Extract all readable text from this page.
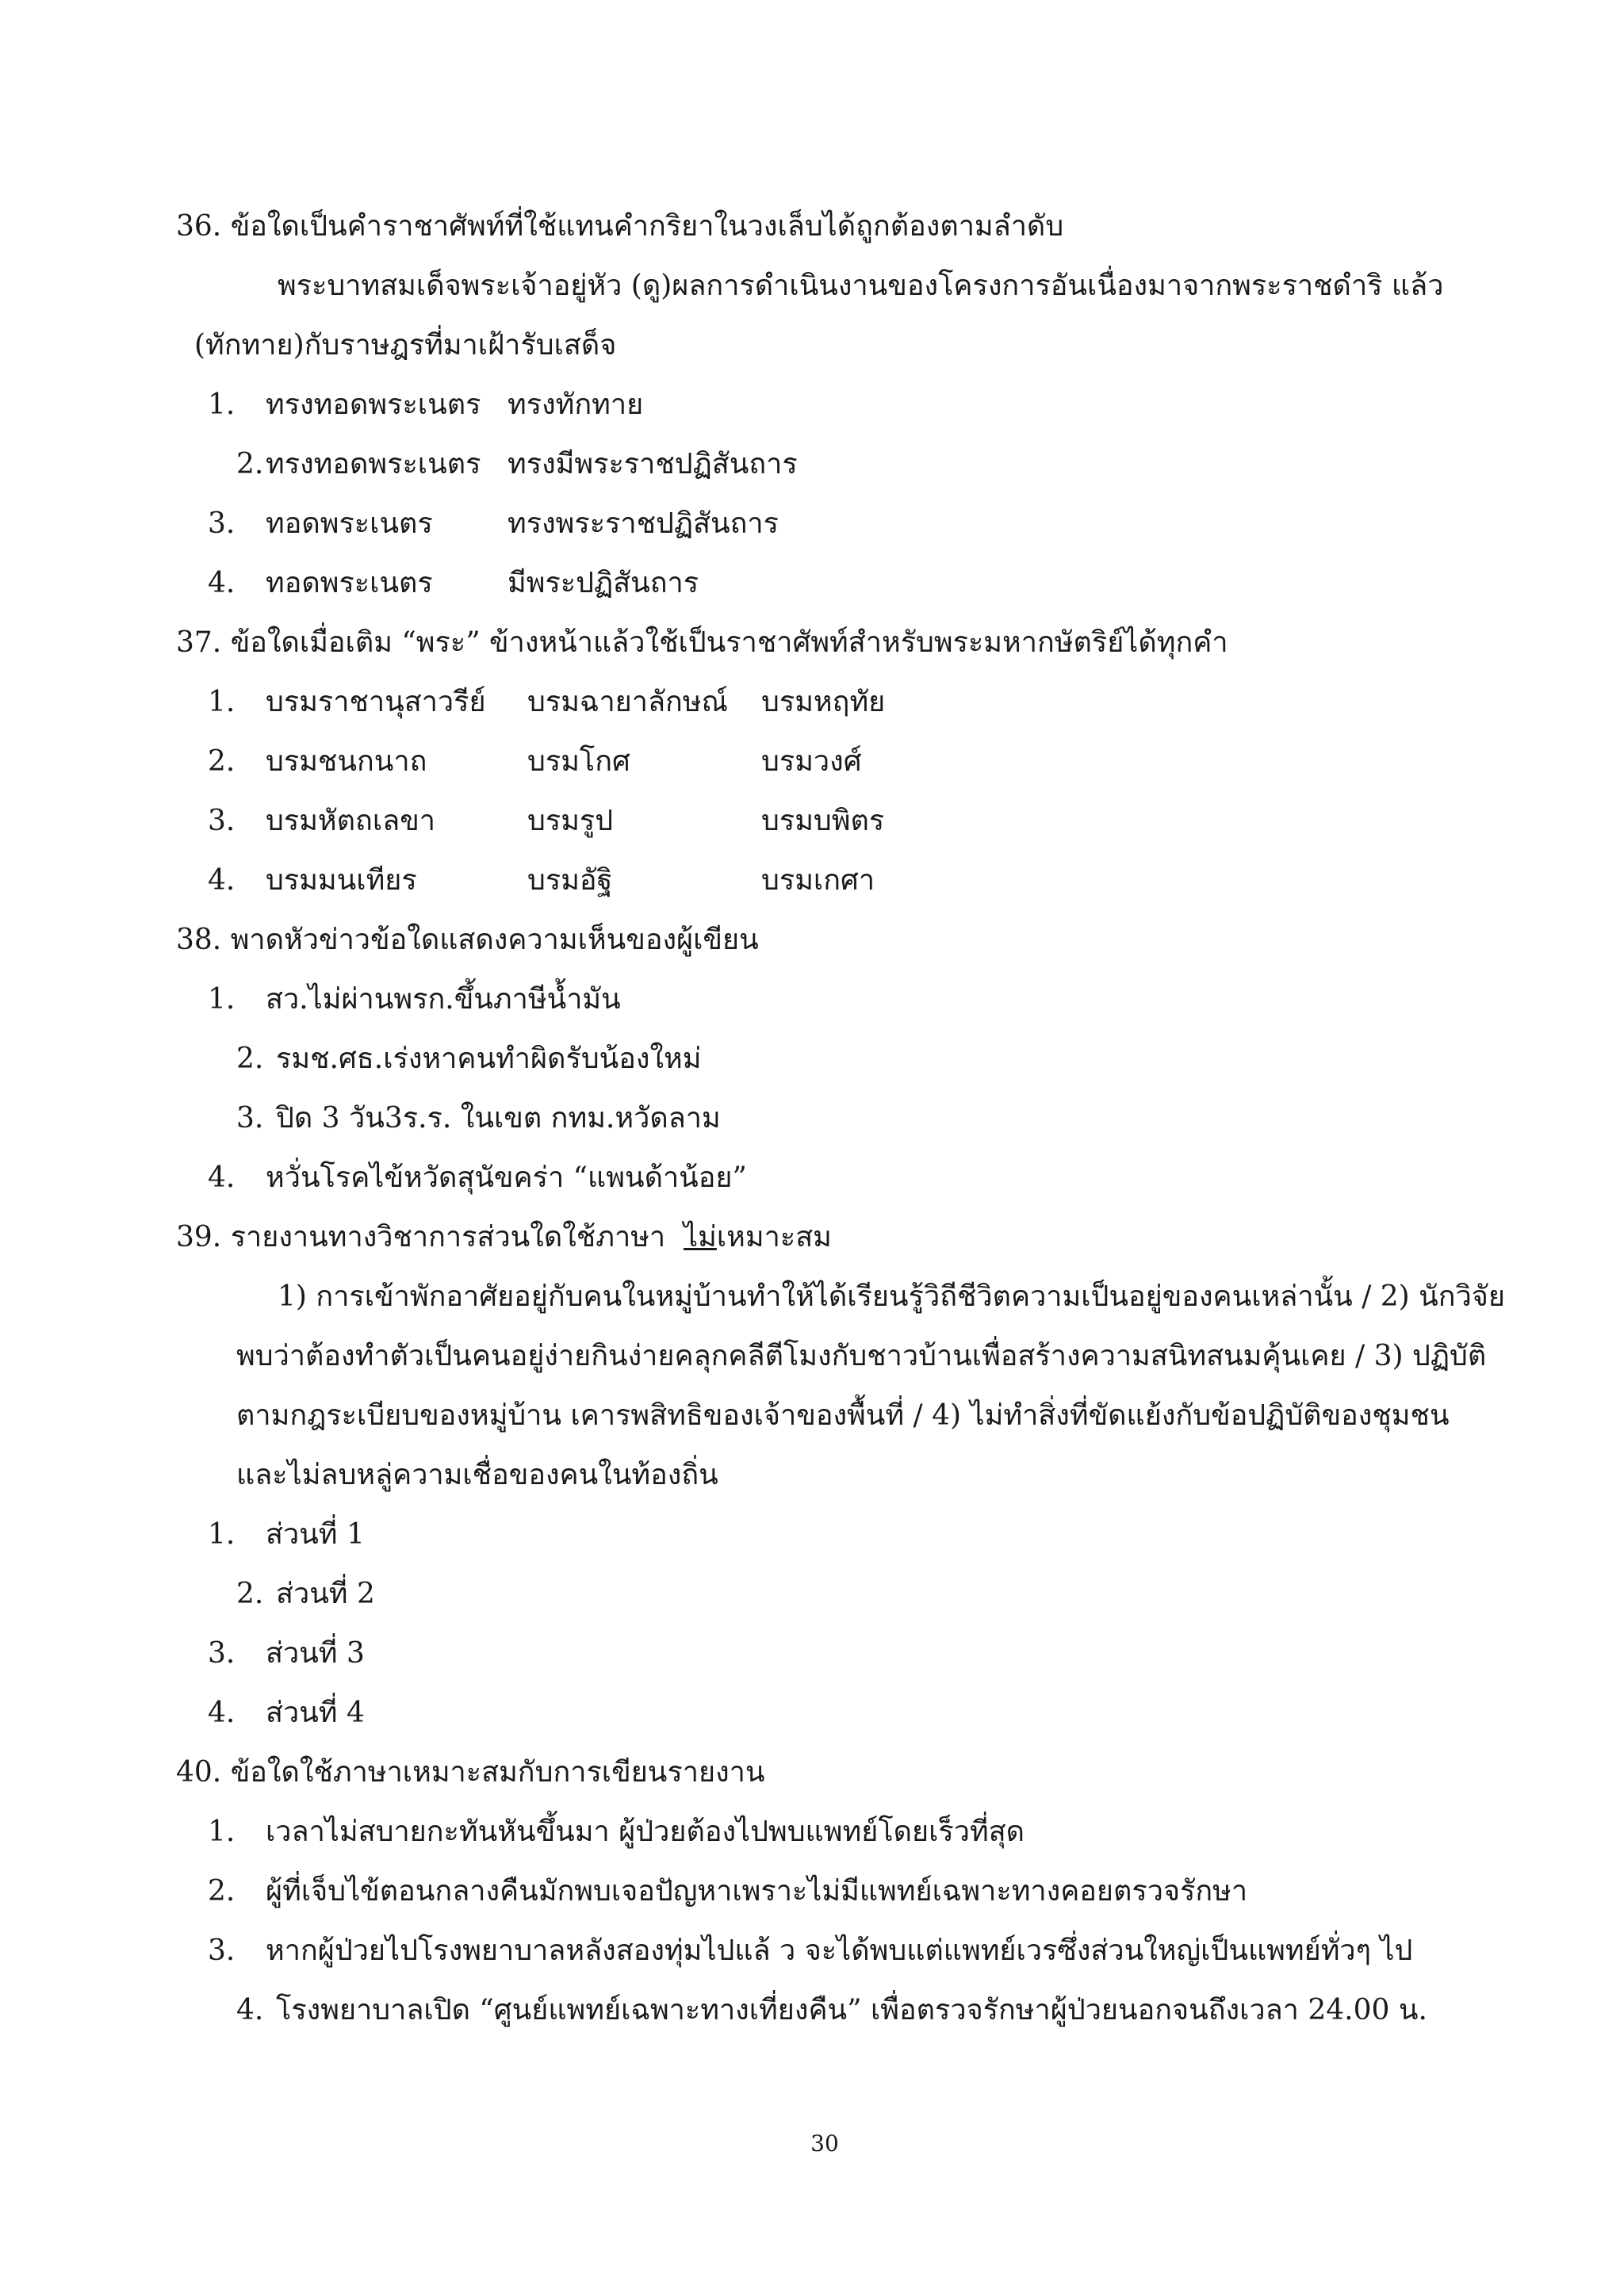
36. ข้อใดเป็นคำราชาศัพท์ที่ใช้แทนคำกริยาในวงเล็บได้ถูกต้องตามลำดับ
พระบาทสมเด็จพระเจ้าอยู่หัว (ดู)ผลการดำเนินงานของโครงการอันเนื่องมาจากพระราชดำริ แล้ว
(ทักทาย)กับราษฎรที่มาเฝ้ารับเสด็จ
1. ทรงทอดพระเนตร ทรงทักทาย
2. ทรงทอดพระเนตร ทรงมีพระราชปฏิสันถาร
3. ทอดพระเนตร	ทรงพระราชปฏิสันถาร
4. ทอดพระเนตร	มีพระปฏิสันถาร
37. ข้อใดเมื่อเติม “พระ” ข้างหน้าแล้วใช้เป็นราชาศัพท์สำหรับพระมหากษัตริย์ได้ทุกคำ
1. บรมราชานุสาวรีย์ บรมฉายาลักษณ์ บรมหฤทัย
2. บรมชนกนาถ	บรมโกศ	บรมวงศ์
3. บรมหัตถเลขา	บรมรูป	บรมบพิตร
4. บรมมนเทียร	บรมอัฐิ	บรมเกศา
38. พาดหัวข่าวข้อใดแสดงความเห็นของผู้เขียน
1. สว.ไม่ผ่านพรก.ขึ้นภาษีน้ำมัน
2. รมช.ศธ.เร่งหาคนทำผิดรับน้องใหม่
3. ปิด 3 วัน3ร.ร. ในเขต กทม.หวัดลาม
4. หวั่นโรคไข้หวัดสุนัขคร่า “แพนด้าน้อย”
39. รายงานทางวิชาการส่วนใดใช้ภาษา  ไม่เหมาะสม
1) การเข้าพักอาศัยอยู่กับคนในหมู่บ้านทำให้ได้เรียนรู้วิถีชีวิตความเป็นอยู่ของคนเหล่านั้น / 2) นักวิจัย
พบว่าต้องทำตัวเป็นคนอยู่ง่ายกินง่ายคลุกคลีตีโมงกับชาวบ้านเพื่อสร้างความสนิทสนมคุ้นเคย / 3) ปฏิบัติ
ตามกฎระเบียบของหมู่บ้าน เคารพสิทธิของเจ้าของพื้นที่ / 4) ไม่ทำสิ่งที่ขัดแย้งกับข้อปฏิบัติของชุมชน
และไม่ลบหลู่ความเชื่อของคนในท้องถิ่น
1. ส่วนที่ 1
2. ส่วนที่ 2
3. ส่วนที่ 3
4. ส่วนที่ 4
40. ข้อใดใช้ภาษาเหมาะสมกับการเขียนรายงาน
1. เวลาไม่สบายกะทันหันขึ้นมา ผู้ป่วยต้องไปพบแพทย์โดยเร็วที่สุด
2. ผู้ที่เจ็บไข้ตอนกลางคืนมักพบเจอปัญหาเพราะไม่มีแพทย์เฉพาะทางคอยตรวจรักษา
3. หากผู้ป่วยไปโรงพยาบาลหลังสองทุ่มไปแล้ ว จะได้พบแต่แพทย์เวรซึ่งส่วนใหญ่เป็นแพทย์ทั่วๆ ไป
4. โรงพยาบาลเปิด “ศูนย์แพทย์เฉพาะทางเที่ยงคืน” เพื่อตรวจรักษาผู้ป่วยนอกจนถึงเวลา 24.00 น.
30
